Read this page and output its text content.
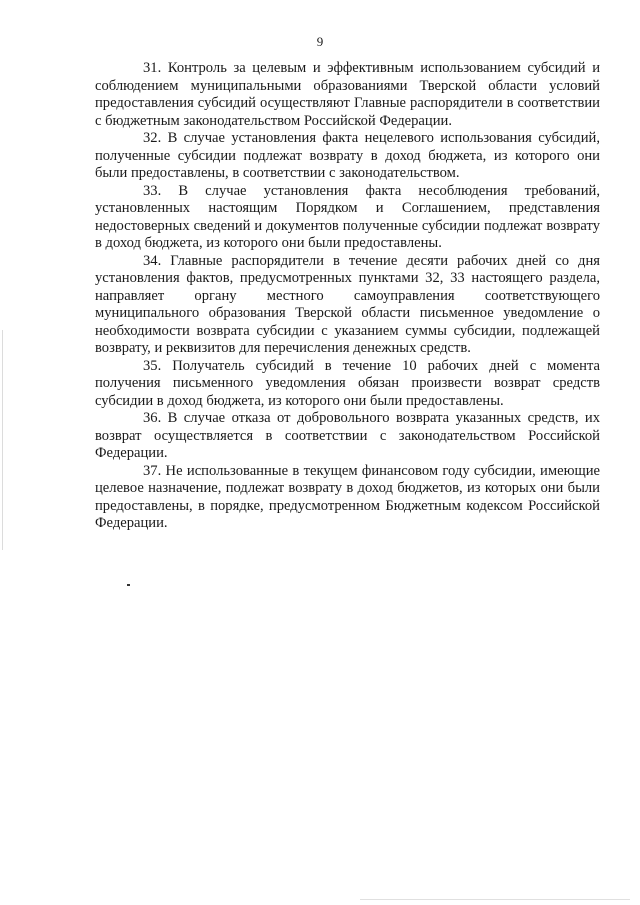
9

31. Контроль за целевым и эффективным использованием субсидий и соблюдением муниципальными образованиями Тверской области условий предоставления субсидий осуществляют Главные распорядители в соответствии с бюджетным законодательством Российской Федерации.

32. В случае установления факта нецелевого использования субсидий, полученные субсидии подлежат возврату в доход бюджета, из которого они были предоставлены, в соответствии с законодательством.

33. В случае установления факта несоблюдения требований, установленных настоящим Порядком и Соглашением, представления недостоверных сведений и документов полученные субсидии подлежат возврату в доход бюджета, из которого они были предоставлены.

34. Главные распорядители в течение десяти рабочих дней со дня установления фактов, предусмотренных пунктами 32, 33 настоящего раздела, направляет органу местного самоуправления соответствующего муниципального образования Тверской области письменное уведомление о необходимости возврата субсидии с указанием суммы субсидии, подлежащей возврату, и реквизитов для перечисления денежных средств.

35. Получатель субсидий в течение 10 рабочих дней с момента получения письменного уведомления обязан произвести возврат средств субсидии в доход бюджета, из которого они были предоставлены.

36. В случае отказа от добровольного возврата указанных средств, их возврат осуществляется в соответствии с законодательством Российской Федерации.

37. Не использованные в текущем финансовом году субсидии, имеющие целевое назначение, подлежат возврату в доход бюджетов, из которых они были предоставлены, в порядке, предусмотренном Бюджетным кодексом Российской Федерации.
